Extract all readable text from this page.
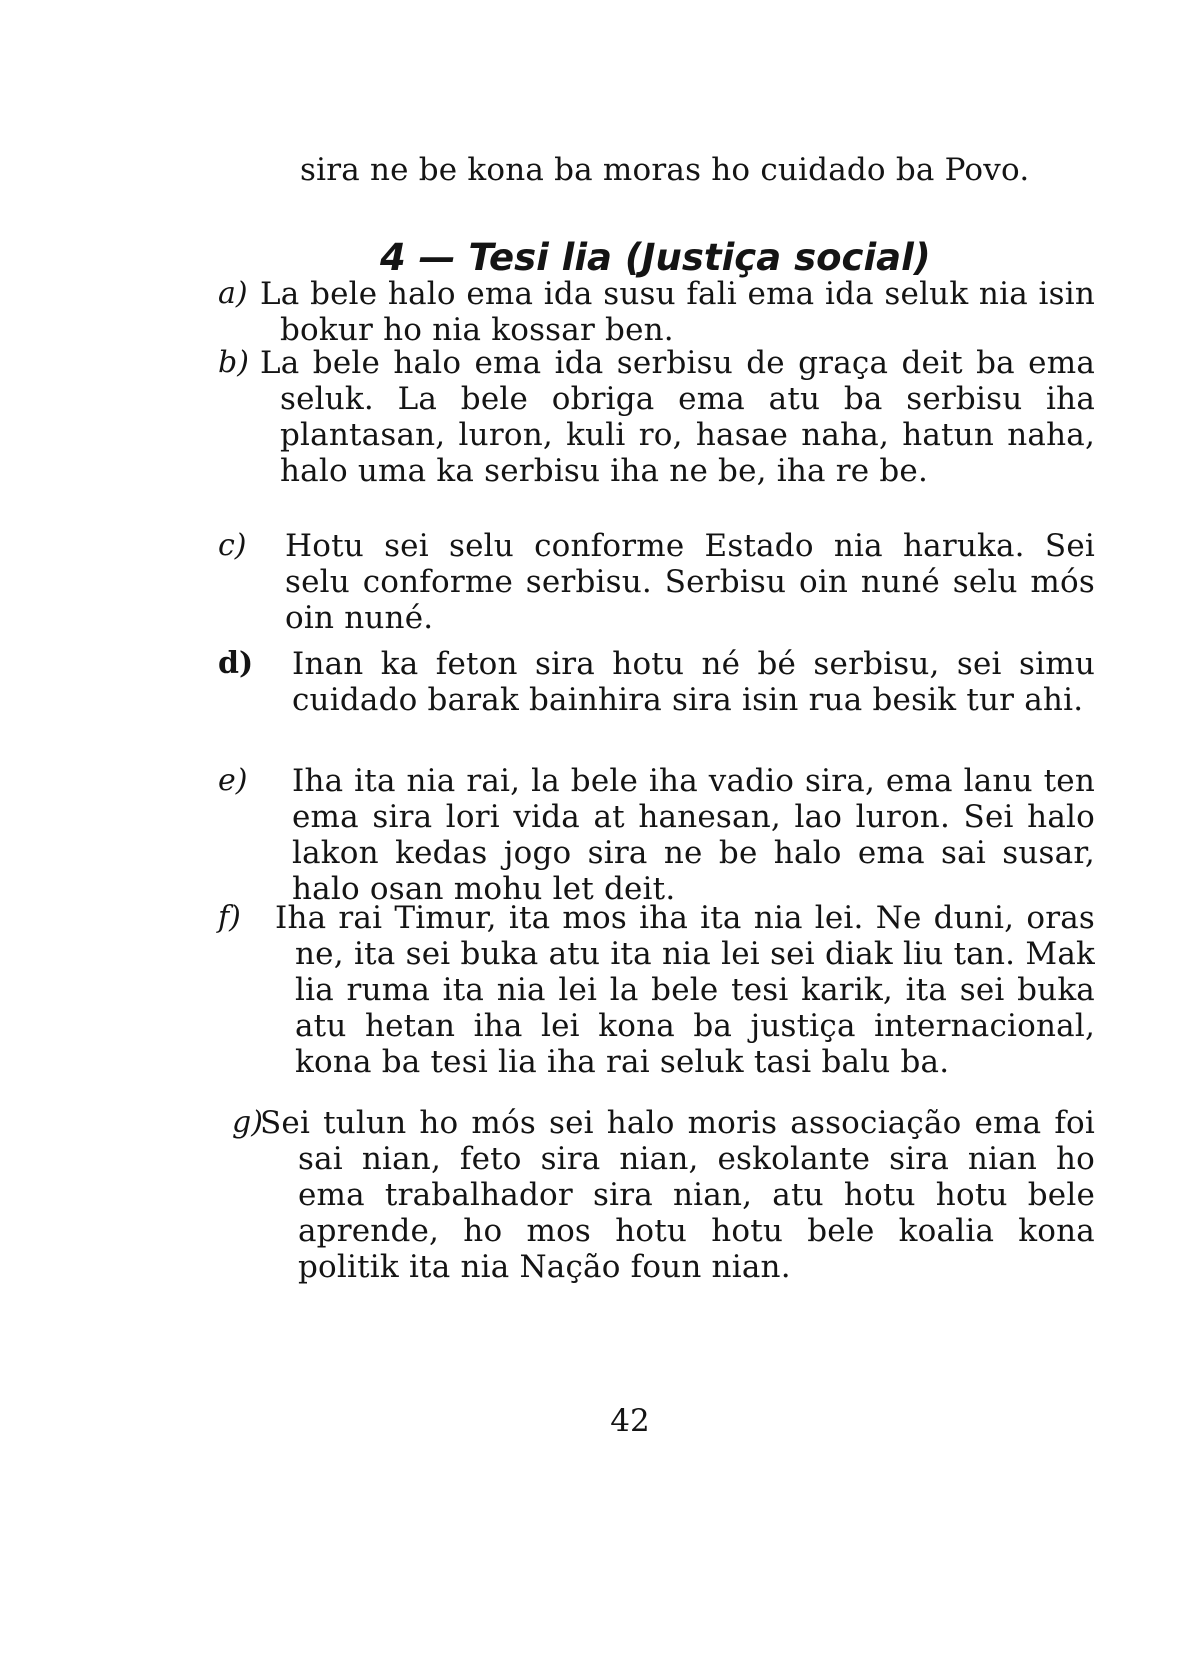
sira ne be kona ba moras ho cuidado ba Povo.
4 — Tesi lia (Justiça social)
a) La bele halo ema ida susu fali ema ida seluk nia isin bokur ho nia kossar ben.
b) La bele halo ema ida serbisu de graça deit ba ema seluk. La bele obriga ema atu ba serbisu iha plantasan, luron, kuli ro, hasae naha, hatun naha, halo uma ka serbisu iha ne be, iha re be.
c) Hotu sei selu conforme Estado nia haruka. Sei selu conforme serbisu. Serbisu oin nuné selu mós oin nuné.
d) Inan ka feton sira hotu né bé serbisu, sei simu cuidado barak bainhira sira isin rua besik tur ahi.
e) Iha ita nia rai, la bele iha vadio sira, ema lanu ten ema sira lori vida at hanesan, lao luron. Sei halo lakon kedas jogo sira ne be halo ema sai susar, halo osan mohu let deit.
f) Iha rai Timur, ita mos iha ita nia lei. Ne duni, oras ne, ita sei buka atu ita nia lei sei diak liu tan. Mak lia ruma ita nia lei la bele tesi karik, ita sei buka atu hetan iha lei kona ba justiça internacional, kona ba tesi lia iha rai seluk tasi balu ba.
g)
Sei tulun ho mós sei halo moris associação ema foi sai nian, feto sira nian, eskolante sira nian ho ema trabalhador sira nian, atu hotu hotu bele aprende, ho mos hotu hotu bele koalia kona politik ita nia Nação foun nian.
42
